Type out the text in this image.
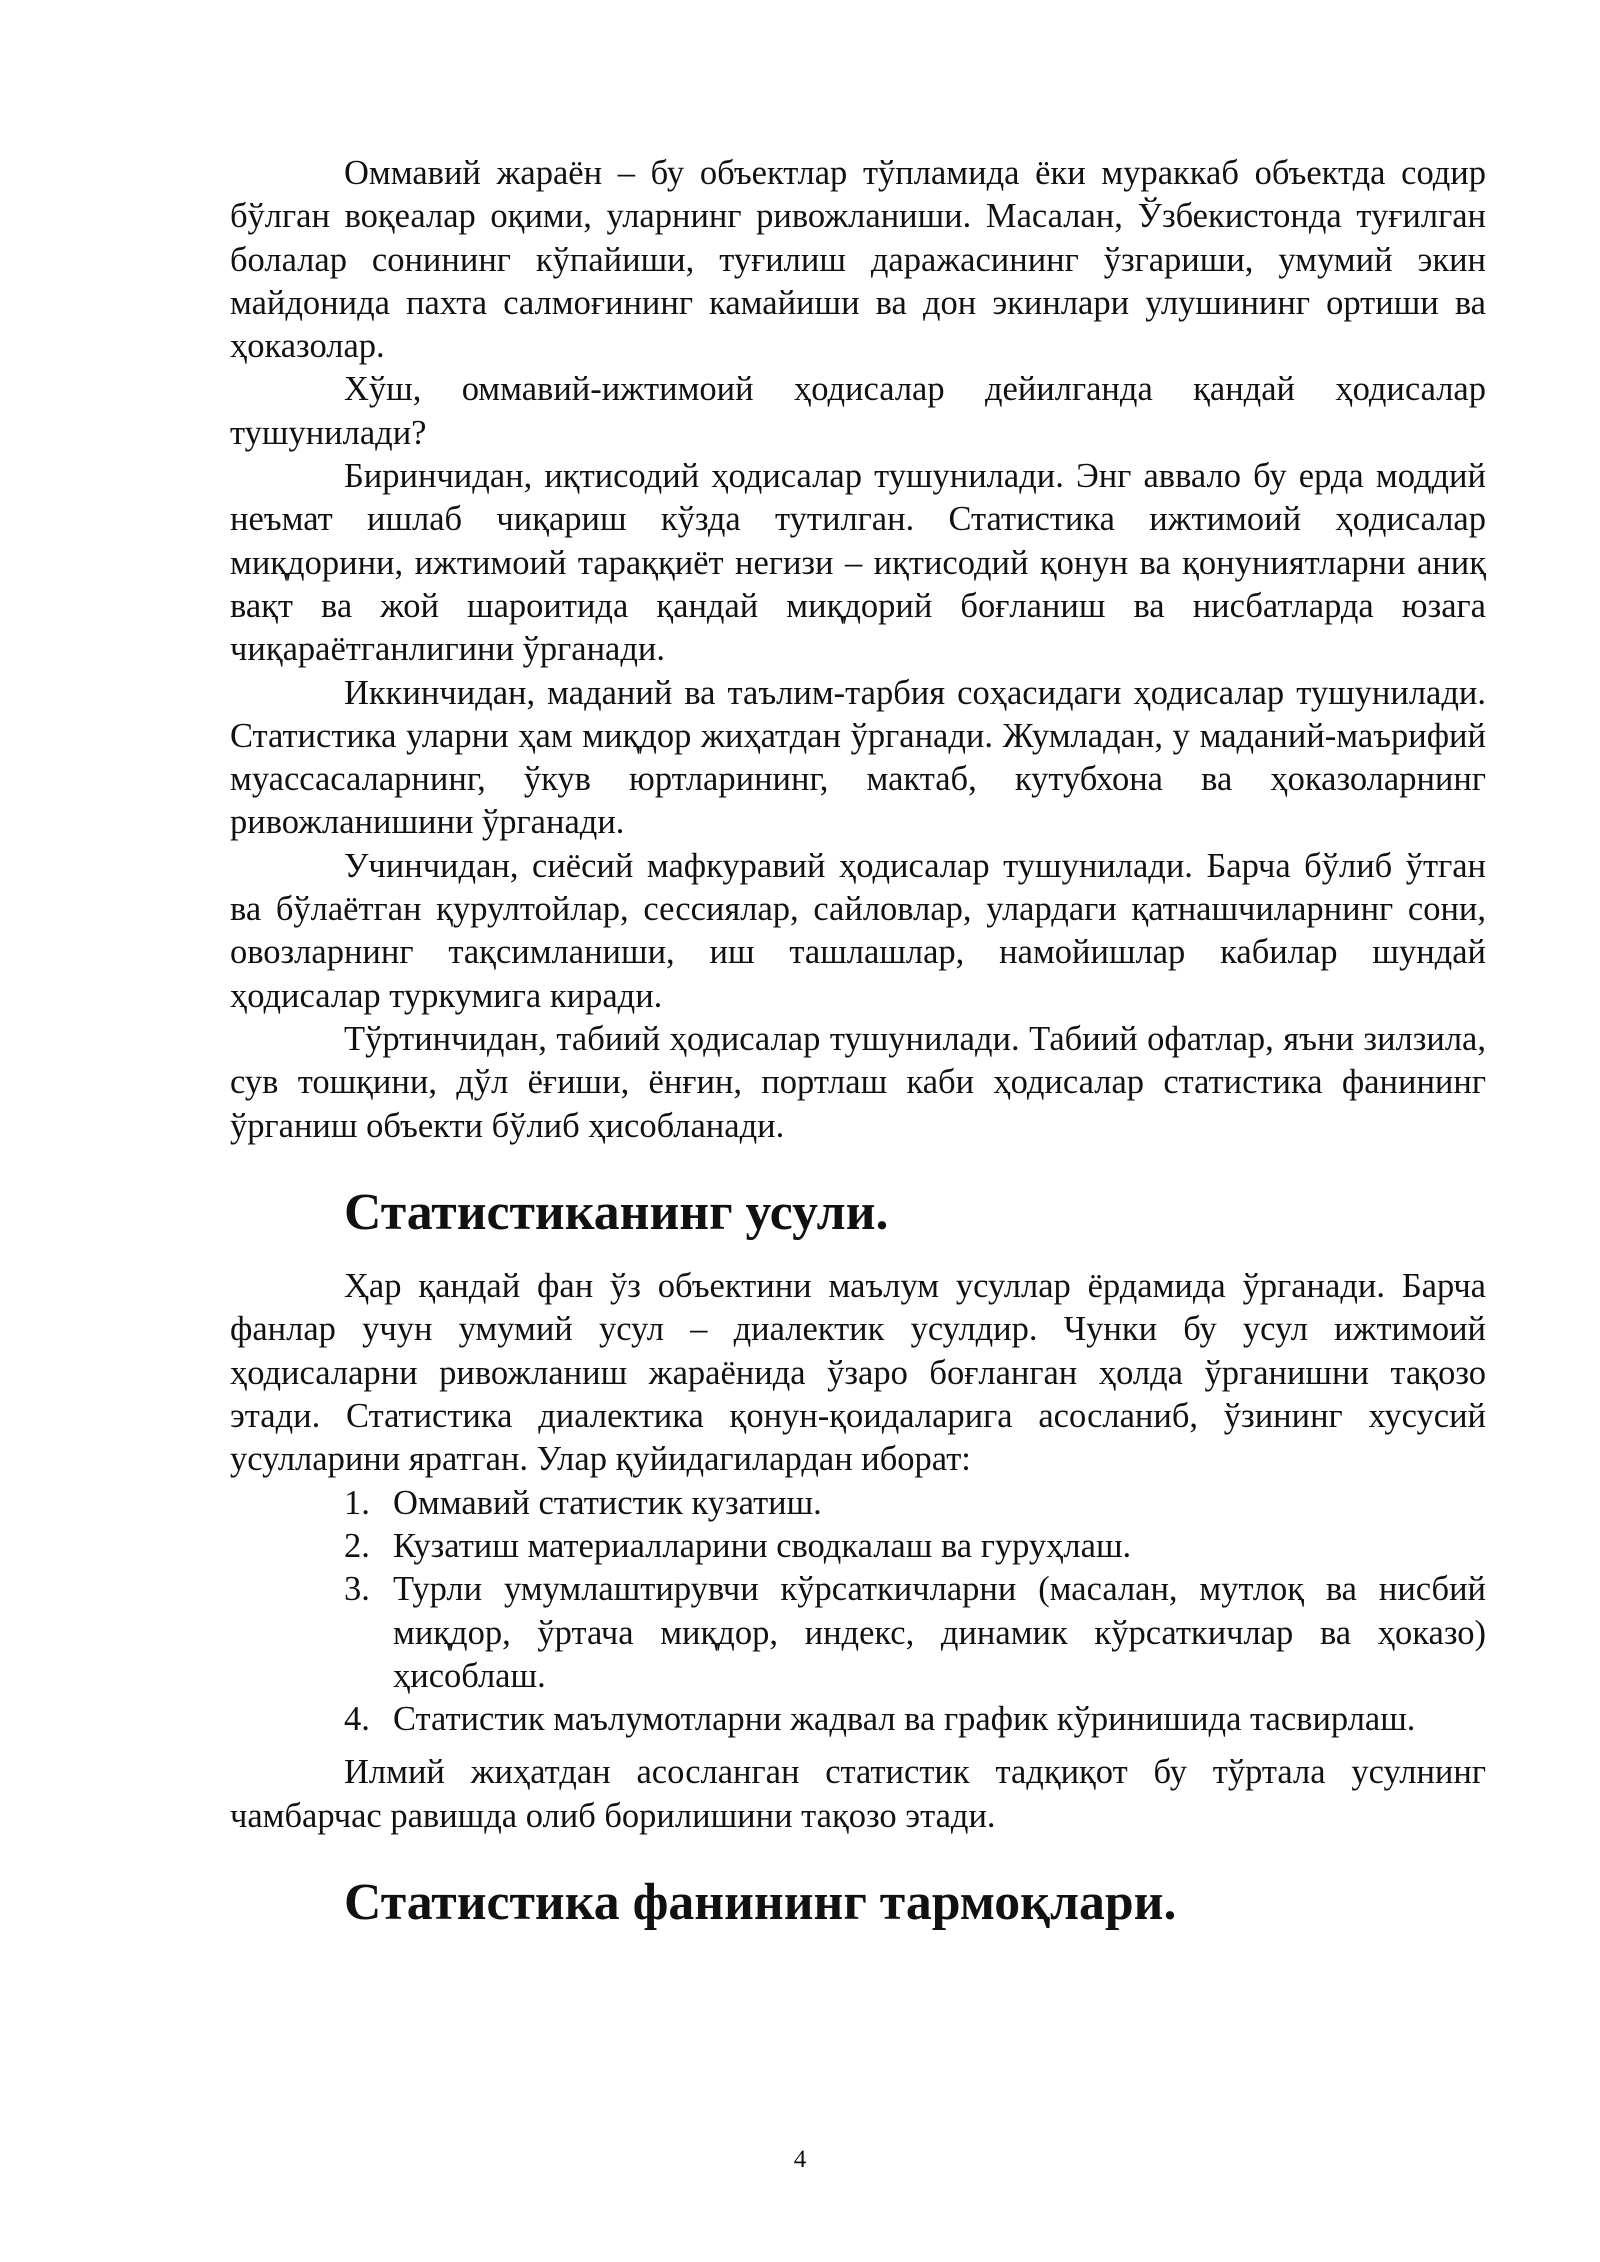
Оммавий жараён – бу объектлар тўпламида ёки мураккаб объектда содир бўлган воқеалар оқими, уларнинг ривожланиши. Масалан, Ўзбекистонда туғилган болалар сонининг кўпайиши, туғилиш даражасининг ўзгариши, умумий экин майдонида пахта салмоғининг камайиши ва дон экинлари улушининг ортиши ва ҳоказолар.

Хўш, оммавий-ижтимоий ҳодисалар дейилганда қандай ҳодисалар тушунилади?

Биринчидан, иқтисодий ҳодисалар тушунилади. Энг аввало бу ерда моддий неъмат ишлаб чиқариш кўзда тутилган. Статистика ижтимоий ҳодисалар миқдорини, ижтимоий тараққиёт негизи – иқтисодий қонун ва қонуниятларни аниқ вақт ва жой шароитида қандай миқдорий боғланиш ва нисбатларда юзага чиқараётганлигини ўрганади.

Иккинчидан, маданий ва таълим-тарбия соҳасидаги ҳодисалар тушунилади. Статистика уларни ҳам миқдор жиҳатдан ўрганади. Жумладан, у маданий-маърифий муассасаларнинг, ўкув юртларининг, мактаб, кутубхона ва ҳоказоларнинг ривожланишини ўрганади.

Учинчидан, сиёсий мафкуравий ҳодисалар тушунилади. Барча бўлиб ўтган ва бўлаётган қурултойлар, сессиялар, сайловлар, улардаги қатнашчиларнинг сони, овозларнинг тақсимланиши, иш ташлашлар, намойишлар кабилар шундай ҳодисалар туркумига киради.

Тўртинчидан, табиий ҳодисалар тушунилади. Табиий офатлар, яъни зилзила, сув тошқини, дўл ёғиши, ёнғин, портлаш каби ҳодисалар статистика фанининг ўрганиш объекти бўлиб ҳисобланади.

Статистиканинг усули.

Ҳар қандай фан ўз объектини маълум усуллар ёрдамида ўрганади. Барча фанлар учун умумий усул – диалектик усулдир. Чунки бу усул ижтимоий ҳодисаларни ривожланиш жараёнида ўзаро боғланган ҳолда ўрганишни тақозо этади. Статистика диалектика қонун-қоидаларига асосланиб, ўзининг хусусий усулларини яратган. Улар қуйидагилардан иборат:

1. Оммавий статистик кузатиш.
2. Кузатиш материалларини сводкалаш ва гуруҳлаш.
3. Турли умумлаштирувчи кўрсаткичларни (масалан, мутлоқ ва нисбий миқдор, ўртача миқдор, индекс, динамик кўрсаткичлар ва ҳоказо) ҳисоблаш.
4. Статистик маълумотларни жадвал ва график кўринишида тасвирлаш.

Илмий жиҳатдан асосланган статистик тадқиқот бу тўртала усулнинг чамбарчас равишда олиб борилишини тақозо этади.

Статистика фанининг тармоқлари.
4
